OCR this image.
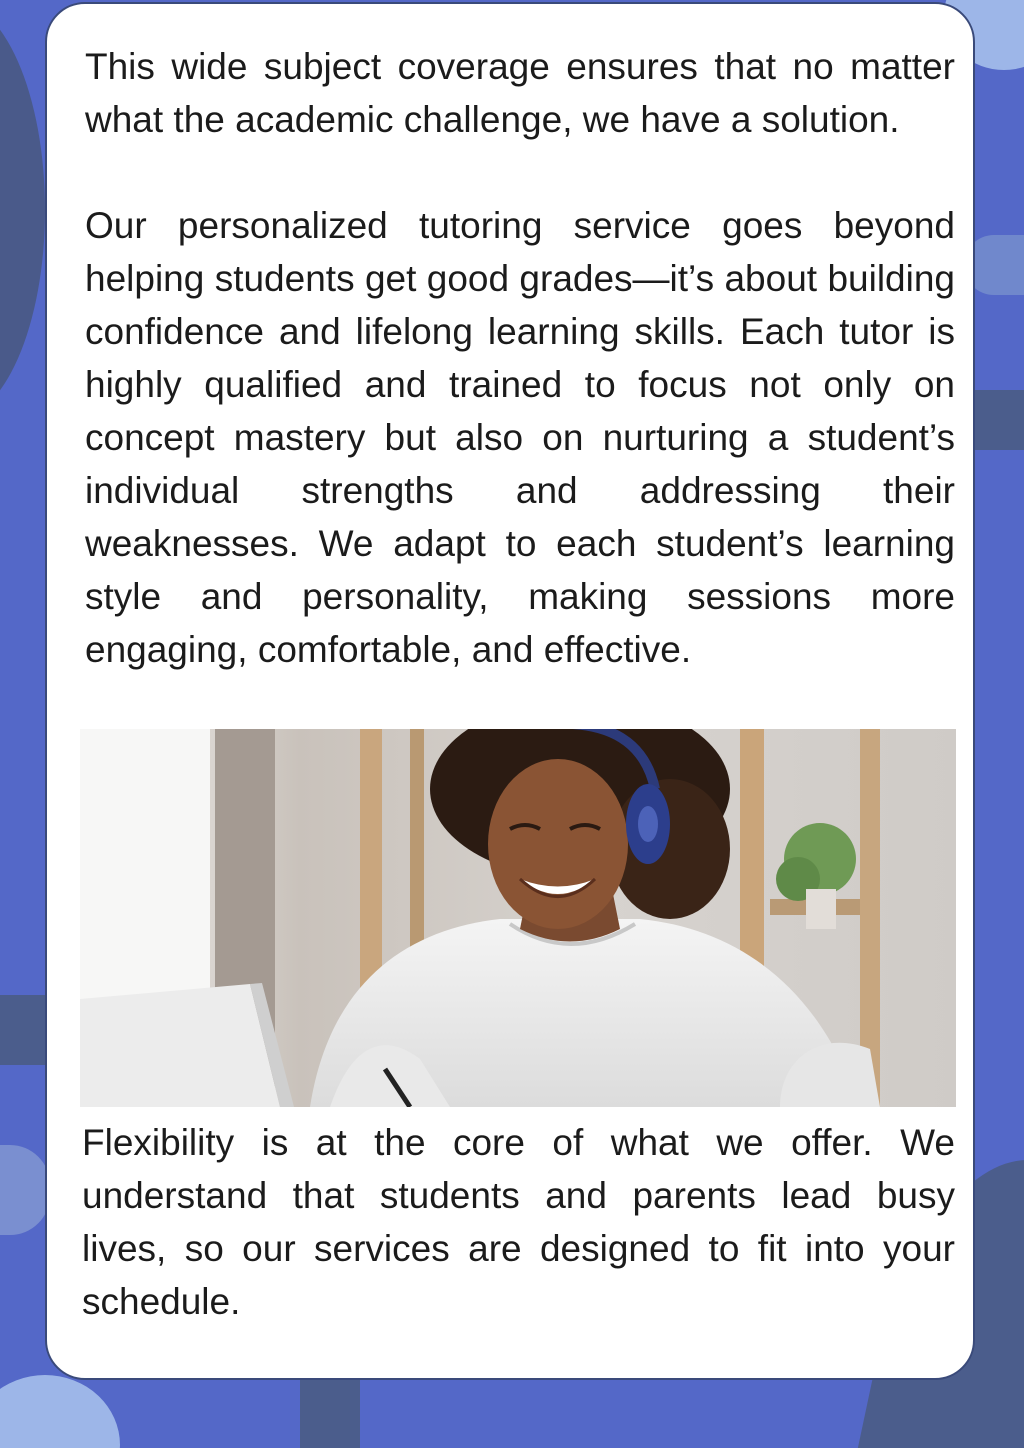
This wide subject coverage ensures that no matter what the academic challenge, we have a solution.

Our personalized tutoring service goes beyond helping students get good grades—it’s about building confidence and lifelong learning skills. Each tutor is highly qualified and trained to focus not only on concept mastery but also on nurturing a student’s individual strengths and addressing their weaknesses. We adapt to each student’s learning style and personality, making sessions more engaging, comfortable, and effective.

Flexibility is at the core of what we offer. We understand that students and parents lead busy lives, so our services are designed to fit into your schedule.
